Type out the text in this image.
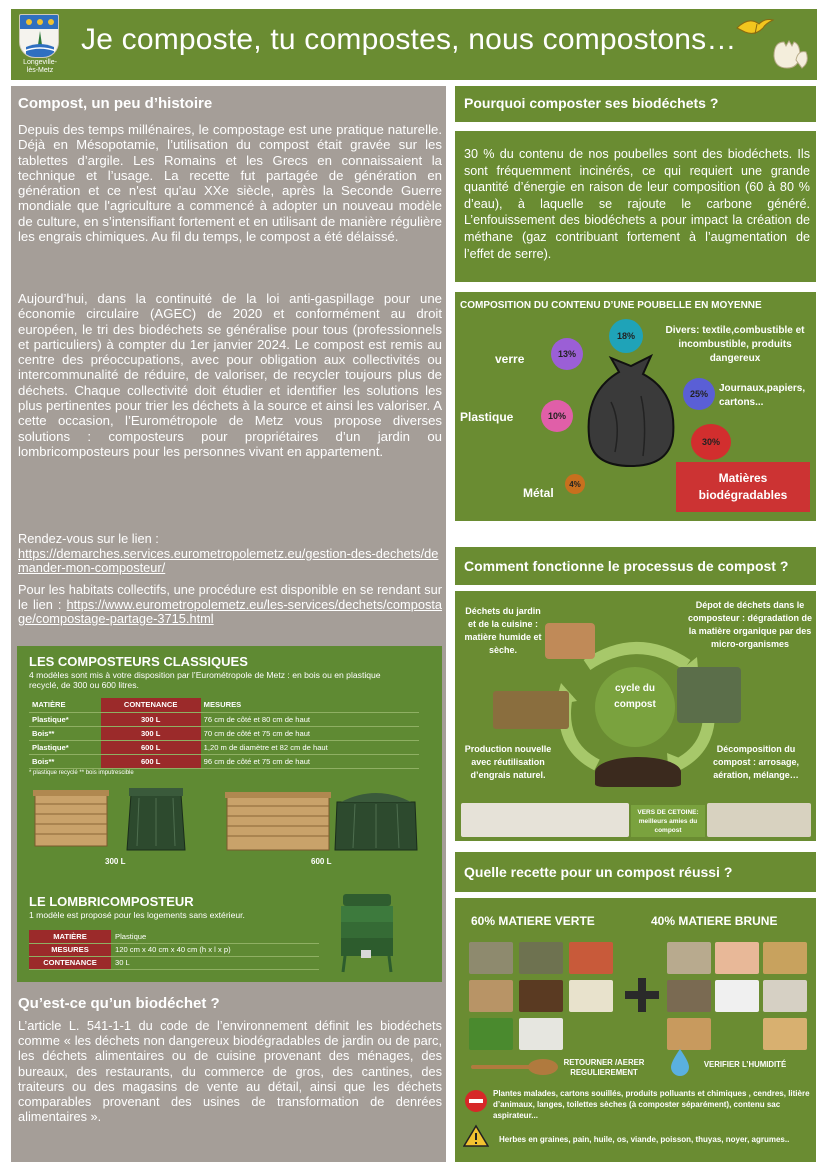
Longeville-
lès-Metz
Je composte, tu compostes, nous compostons…
Compost, un peu d’histoire
Depuis des temps millénaires, le compostage est une pratique naturelle. Déjà en Mésopotamie, l’utilisation du compost était gravée sur les tablettes d’argile. Les Romains et les Grecs en connaissaient la technique et l’usage. La recette fut partagée de génération en génération et ce n'est qu'au XXe siècle, après la Seconde Guerre mondiale que l'agriculture a commencé à adopter un nouveau modèle de culture, en s’intensifiant fortement et en utilisant de manière régulière les engrais chimiques. Au fil du temps, le compost a été délaissé.
Aujourd’hui, dans la continuité de la loi anti-gaspillage pour une économie circulaire (AGEC) de 2020 et conformément au droit européen, le tri des biodéchets se généralise pour tous (professionnels et particuliers) à compter du 1er janvier 2024. Le compost est remis au centre des préoccupations, avec pour obligation aux collectivités ou intercommunalité de réduire, de valoriser, de recycler toujours plus de déchets. Chaque collectivité doit étudier et identifier les solutions les plus pertinentes pour trier les déchets à la source et ainsi les valoriser. A cette occasion, l’Eurométropole de Metz vous propose diverses solutions : composteurs pour propriétaires d’un jardin ou lombricomposteurs pour les personnes vivant en appartement.
Rendez-vous sur le lien :
https://demarches.services.eurometropolemetz.eu/gestion-des-dechets/demander-mon-composteur/
Pour les habitats collectifs, une procédure est disponible en se rendant sur le lien : https://www.eurometropolemetz.eu/les-services/dechets/compostage/compostage-partage-3715.html
LES COMPOSTEURS CLASSIQUES
4 modèles sont mis à votre disposition par l’Eurométropole de Metz : en bois ou en plastique recyclé, de 300 ou 600 litres.
MATIÈRE	CONTENANCE	MESURES
Plastique*	300 L	76 cm de côté et 80 cm de haut
Bois**	300 L	70 cm de côté et 75 cm de haut
Plastique*	600 L	1,20 m de diamètre et 82 cm de haut
Bois**	600 L	96 cm de côté et 75 cm de haut
* plastique recyclé ** bois imputrescible
300 L	600 L
LE LOMBRICOMPOSTEUR
1 modèle est proposé pour les logements sans extérieur.
MATIÈRE	Plastique
MESURES	120 cm x 40 cm x 40 cm (h x l x p)
CONTENANCE	30 L
Qu’est-ce qu’un biodéchet ?
L’article L. 541-1-1 du code de l’environnement définit les biodéchets comme « les déchets non dangereux biodégradables de jardin ou de parc, les déchets alimentaires ou de cuisine provenant des ménages, des bureaux, des restaurants, du commerce de gros, des cantines, des traiteurs ou des magasins de vente au détail, ainsi que les déchets comparables provenant des usines de transformation de denrées alimentaires ».
Pourquoi composter ses biodéchets ?
30 % du contenu de nos poubelles sont des biodéchets. Ils sont fréquemment incinérés, ce qui requiert une grande quantité d’énergie en raison de leur composition (60 à 80 % d’eau), à laquelle se rajoute le carbone généré. L’enfouissement des biodéchets a pour impact la création de méthane (gaz contribuant fortement à l’augmentation de l’effet de serre).
COMPOSITION DU CONTENU D’UNE POUBELLE EN MOYENNE
13%
18%
10%
25%
30%
4%
verre
Divers: textile,combustible et incombustible, produits dangereux
Plastique
Journaux,papiers, cartons...
Matières biodégradables
Métal
Comment fonctionne le processus de compost ?
cycle du compost
Déchets du jardin et de la cuisine : matière humide et sèche.
Dépot de déchets dans le composteur : dégradation de la matière organique par des micro-organismes
Décomposition du compost : arrosage, aération, mélange…
Production nouvelle avec réutilisation d’engrais naturel.
VERS DE CETOINE: meilleurs amies du compost
Quelle recette pour un compost réussi ?
60% MATIERE VERTE	40% MATIERE BRUNE
RETOURNER /AERER REGULIEREMENT
VERIFIER L’HUMIDITÉ
Plantes malades, cartons souillés, produits polluants et chimiques , cendres, litière d’animaux, langes, toilettes sèches (à composter séparément), contenu sac aspirateur...
Herbes en graines, pain, huile, os, viande, poisson, thuyas, noyer, agrumes..
